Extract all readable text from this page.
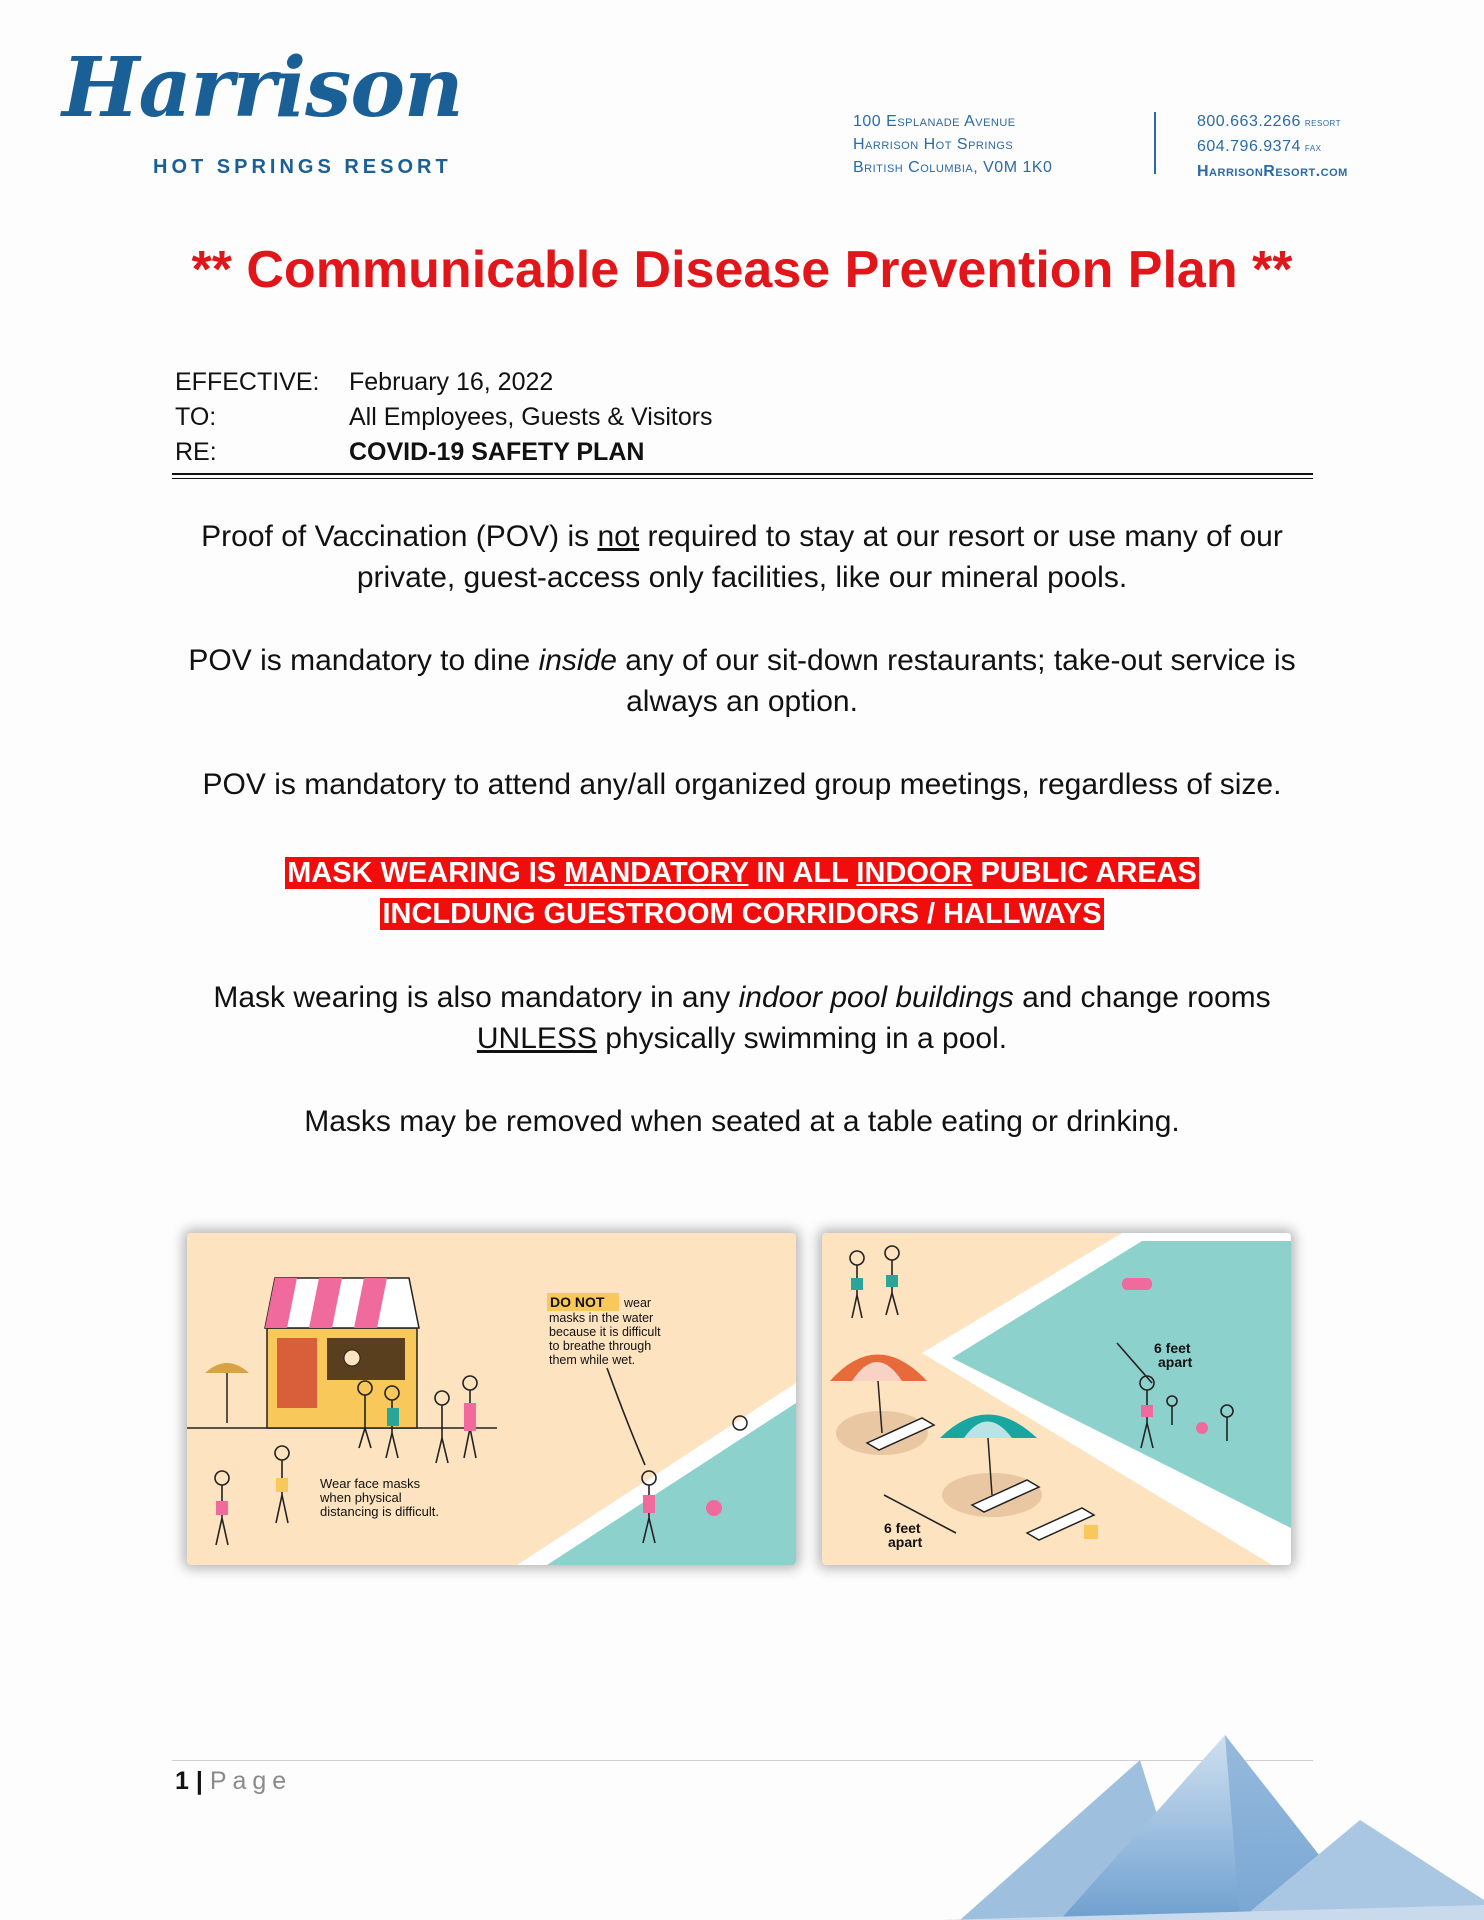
Harrison
HOT SPRINGS RESORT
100 Esplanade Avenue
Harrison Hot Springs
British Columbia, V0M 1K0
800.663.2266 resort
604.796.9374 fax
HarrisonResort.com
** Communicable Disease Prevention Plan **
EFFECTIVE: February 16, 2022
TO:	All Employees, Guests & Visitors
RE:	COVID-19 SAFETY PLAN
Proof of Vaccination (POV) is not required to stay at our resort or use many of our private, guest-access only facilities, like our mineral pools.
POV is mandatory to dine inside any of our sit-down restaurants; take-out service is always an option.
POV is mandatory to attend any/all organized group meetings, regardless of size.
MASK WEARING IS MANDATORY IN ALL INDOOR PUBLIC AREAS
INCLDUNG GUESTROOM CORRIDORS / HALLWAYS
Mask wearing is also mandatory in any indoor pool buildings and change rooms
UNLESS physically swimming in a pool.
Masks may be removed when seated at a table eating or drinking.
DO NOT wear
masks in the water
because it is difficult
to breathe through
them while wet.
Wear face masks
when physical
distancing is difficult.
6 feet
apart
6 feet
apart
1 | Page
